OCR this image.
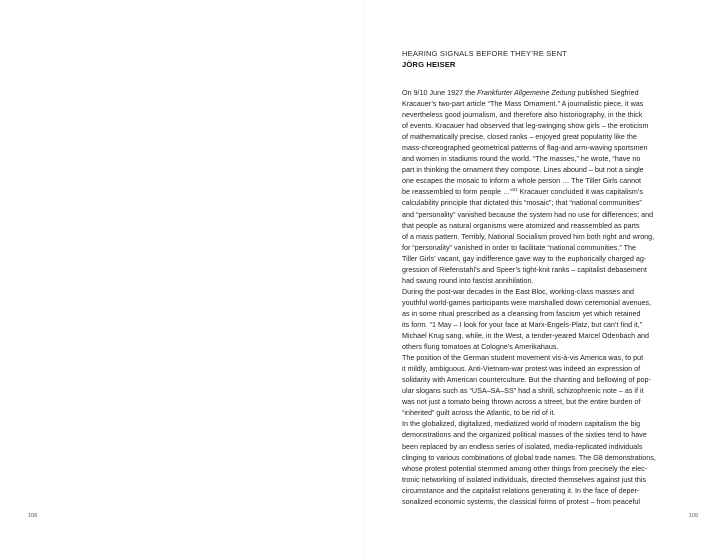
108
HEARING SIGNALS BEFORE THEY’RE SENT
JÖRG HEISER
On 9/10 June 1927 the Frankfurter Allgemeine Zeitung published Siegfried
Kracauer’s two-part article “The Mass Ornament.” A journalistic piece, it was
nevertheless good journalism, and therefore also historiography, in the thick
of events. Kracauer had observed that leg-swinging show girls – the eroticism
of mathematically precise, closed ranks – enjoyed great popularity like the
mass-choreographed geometrical patterns of flag-and arm-waving sportsmen
and women in stadiums round the world. “The masses,” he wrote, “have no
part in thinking the ornament they compose. Lines abound – but not a single
one escapes the mosaic to inform a whole person … The Tiller Girls cannot
be reassembled to form people …”$^{01}$ Kracauer concluded it was capitalism’s
calculability principle that dictated this “mosaic”; that “national communities”
and “personality” vanished because the system had no use for differences; and
that people as natural organisms were atomized and reassembled as parts
of a mass pattern. Terribly, National Socialism proved him both right and wrong,
for “personality” vanished in order to facilitate “national communities.” The
Tiller Girls’ vacant, gay indifference gave way to the euphorically charged ag-
gression of Riefenstahl’s and Speer’s tight-knit ranks – capitalist debasement
had swung round into fascist annihilation.
During the post-war decades in the East Bloc, working-class masses and
youthful world-games participants were marshalled down ceremonial avenues,
as in some ritual prescribed as a cleansing from fascism yet which retained
its form. “1 May – I look for your face at Marx-Engels-Platz, but can’t find it,”
Michael Krug sang, while, in the West, a tender-yeared Marcel Odenbach and
others flung tomatoes at Cologne’s Amerikahaus.
The position of the German student movement vis-à-vis America was, to put
it mildly, ambiguous. Anti-Vietnam-war protest was indeed an expression of
solidarity with American counterculture. But the chanting and bellowing of pop-
ular slogans such as “USA–SA–SS” had a shrill, schizophrenic note – as if it
was not just a tomato being thrown across a street, but the entire burden of
“inherited” guilt across the Atlantic, to be rid of it.
In the globalized, digitalized, mediatized world of modern capitalism the big
demonstrations and the organized political masses of the sixties tend to have
been replaced by an endless series of isolated, media-replicated individuals
clinging to various combinations of global trade names. The G8 demonstrations,
whose protest potential stemmed among other things from precisely the elec-
tronic networking of isolated individuals, directed themselves against just this
circumstance and the capitalist relations generating it. In the face of deper-
sonalized economic systems, the classical forms of protest – from peaceful
109
